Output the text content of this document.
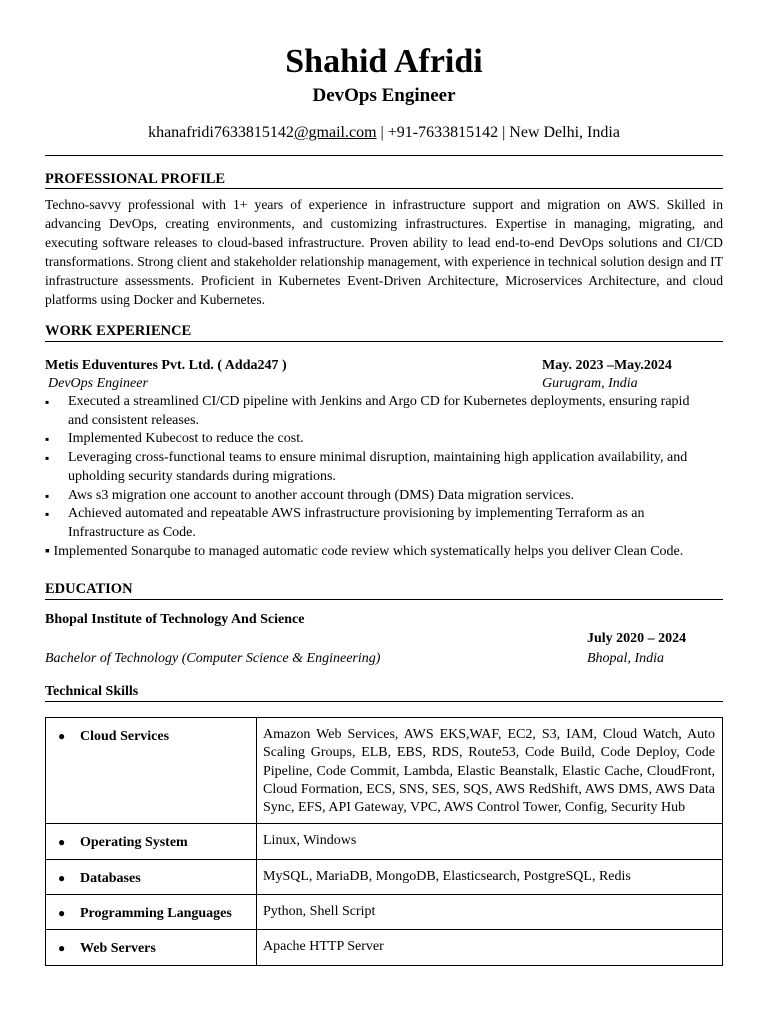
Shahid Afridi
DevOps Engineer
khanafridi7633815142@gmail.com | +91-7633815142 | New Delhi, India
PROFESSIONAL PROFILE
Techno-savvy professional with 1+ years of experience in infrastructure support and migration on AWS. Skilled in advancing DevOps, creating environments, and customizing infrastructures. Expertise in managing, migrating, and executing software releases to cloud-based infrastructure. Proven ability to lead end-to-end DevOps solutions and CI/CD transformations. Strong client and stakeholder relationship management, with experience in technical solution design and IT infrastructure assessments. Proficient in Kubernetes Event-Driven Architecture, Microservices Architecture, and cloud platforms using Docker and Kubernetes.
WORK EXPERIENCE
Metis Eduventures Pvt. Ltd. ( Adda247 )	May. 2023 –May.2024
DevOps Engineer	Gurugram, India
▪ Executed a streamlined CI/CD pipeline with Jenkins and Argo CD for Kubernetes deployments, ensuring rapid and consistent releases.
▪ Implemented Kubecost to reduce the cost.
▪ Leveraging cross-functional teams to ensure minimal disruption, maintaining high application availability, and upholding security standards during migrations.
▪ Aws s3 migration one account to another account through (DMS) Data migration services.
▪ Achieved automated and repeatable AWS infrastructure provisioning by implementing Terraform as an Infrastructure as Code.
▪ Implemented Sonarqube to managed automatic code review which systematically helps you deliver Clean Code.
EDUCATION
Bhopal Institute of Technology And Science
July 2020 – 2024
Bachelor of Technology (Computer Science & Engineering)	Bhopal, India
Technical Skills
● Cloud Services	Amazon Web Services, AWS EKS,WAF, EC2, S3, IAM, Cloud Watch, Auto Scaling Groups, ELB, EBS, RDS, Route53, Code Build, Code Deploy, Code Pipeline, Code Commit, Lambda, Elastic Beanstalk, Elastic Cache, CloudFront, Cloud Formation, ECS, SNS, SES, SQS, AWS RedShift, AWS DMS, AWS Data Sync, EFS, API Gateway, VPC, AWS Control Tower, Config, Security Hub
● Operating System	Linux, Windows
● Databases	MySQL, MariaDB, MongoDB, Elasticsearch, PostgreSQL, Redis
● Programming Languages	Python, Shell Script
● Web Servers	Apache HTTP Server
